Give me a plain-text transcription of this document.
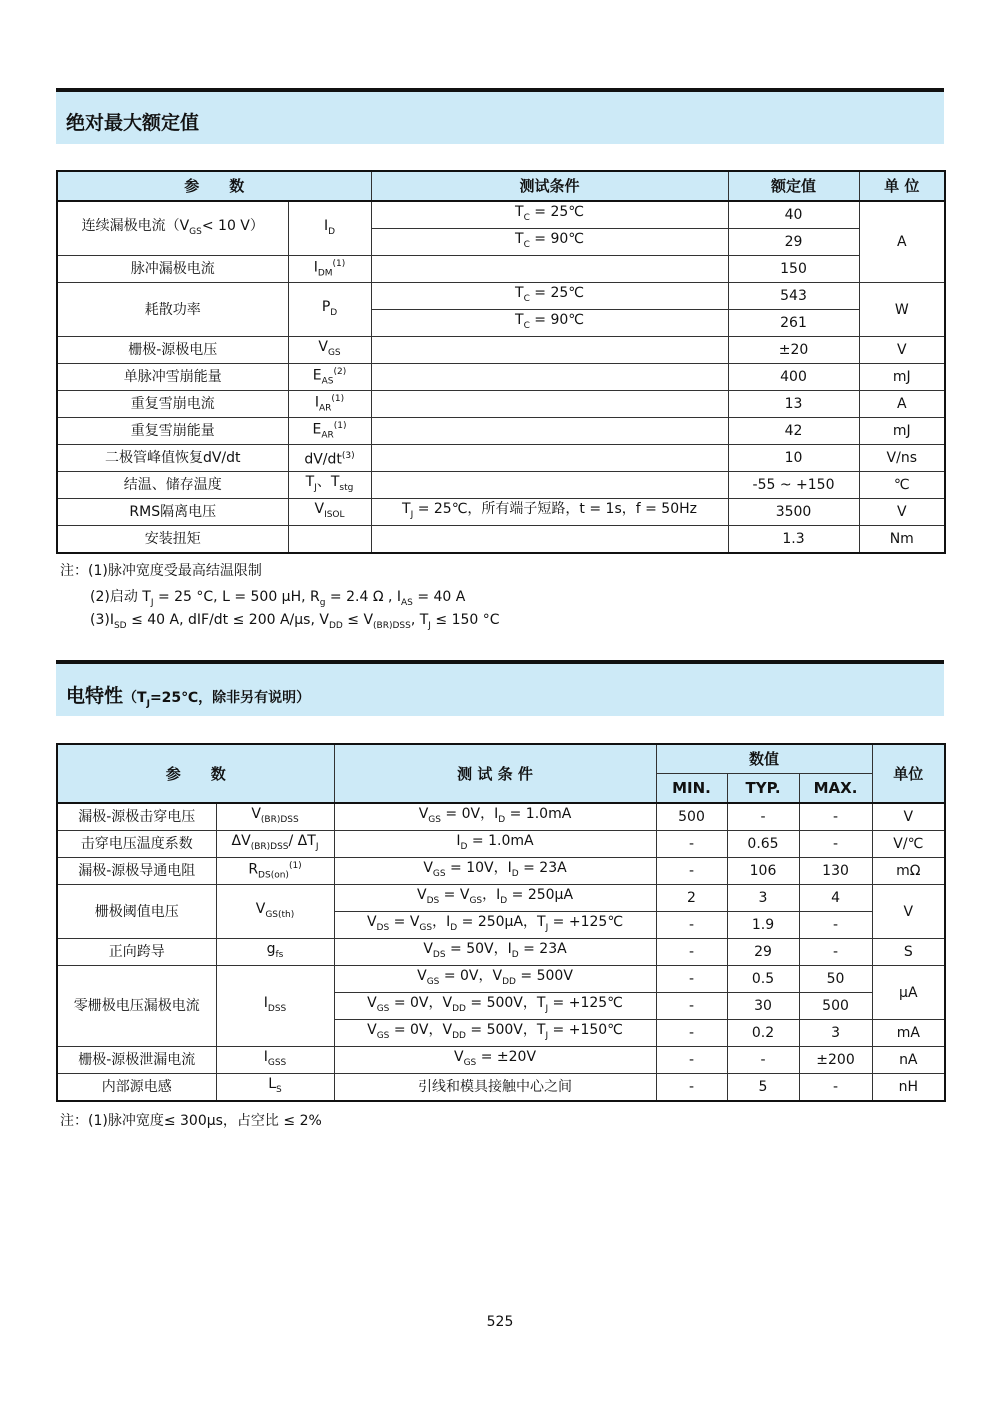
绝对最大额定值
参　　数		测试条件	额定值	单 位
连续漏极电流（$V_{GS}< 10$ V）	$I_D$	$T_C$ = 25℃	40	A
		$T_C$ = 90℃	29	
脉冲漏极电流	$I_{DM}^{(1)}$		150	
耗散功率	$P_D$	$T_C$ = 25℃	543	W
		$T_C$ = 90℃	261	
栅极-源极电压	$V_{GS}$		±20	V
单脉冲雪崩能量	$E_{AS}^{(2)}$		400	mJ
重复雪崩电流	$I_{AR}^{(1)}$		13	A
重复雪崩能量	$E_{AR}^{(1)}$		42	mJ
二极管峰值恢复dV/dt	$dV/dt^{(3)}$		10	V/ns
结温、储存温度	$T_J$、$T_{stg}$		-55 ~ +150	℃
RMS隔离电压	$V_{ISOL}$	$T_J$ = 25℃，所有端子短路，t = 1s，f = 50Hz	3500	V
安装扭矩			1.3	Nm
注：(1)脉冲宽度受最高结温限制
(2)启动 $T_J = 25$ °C, L = 500 μH, $R_g = 2.4$ Ω , $I_{AS} = 40$ A
$(3)I_{SD} \le 40$ A, dIF/dt ≤ 200 A/μs, $V_{DD} \le V_{(BR)DSS}$, $T_J \le 150$ °C
电特性（$T_J=25℃$，除非另有说明）
参　　数		测 试 条 件	数值			单位
			MIN.	TYP.	MAX.	
漏极-源极击穿电压	$V_{(BR)DSS}$	$V_{GS} = 0V$，$I_D = 1.0mA$	500	-	-	V
击穿电压温度系数	$\Delta V_{(BR)DSS}/$ $\Delta T_J$	$I_D = 1.0mA$	-	0.65	-	V/℃
漏极-源极导通电阻	$R_{DS(on)}^{(1)}$	$V_{GS} = 10V$，$I_D = 23A$	-	106	130	mΩ
栅极阈值电压	$V_{GS(th)}$	$V_{DS} = V_{GS}$，$I_D = 250\mu A$	2	3	4	V
		$V_{DS} = V_{GS}$，$I_D = 250\mu A$，$T_J$ = +125℃	-	1.9	-	
正向跨导	$g_{fs}$	$V_{DS} = 50V$，$I_D = 23A$	-	29	-	S
零栅极电压漏极电流	$I_{DSS}$	$V_{GS} = 0V$，$V_{DD} = 500V$	-	0.5	50	μA
		$V_{GS} = 0V$，$V_{DD} = 500V$，$T_J$ = +125℃	-	30	500	
		$V_{GS} = 0V$，$V_{DD} = 500V$，$T_J$ = +150℃	-	0.2	3	mA
栅极-源极泄漏电流	$I_{GSS}$	$V_{GS} = \pm 20V$	-	-	±200	nA
内部源电感	$L_S$	引线和模具接触中心之间	-	5	-	nH
注：(1)脉冲宽度≤ 300μs，占空比 ≤ 2%
525
